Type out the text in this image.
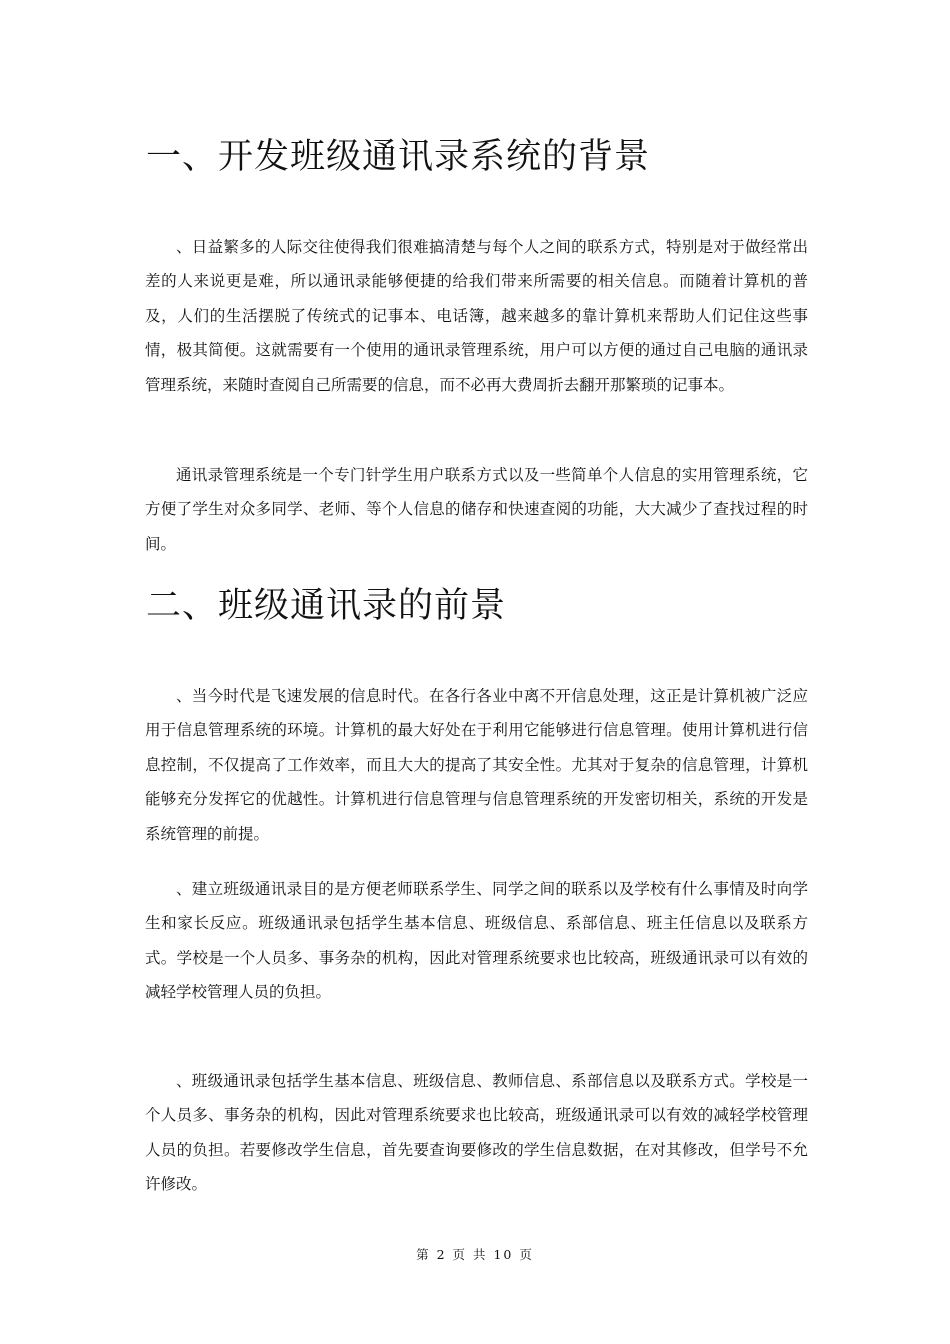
一、开发班级通讯录系统的背景

、日益繁多的人际交往使得我们很难搞清楚与每个人之间的联系方式，特别是对于做经常出差的人来说更是难，所以通讯录能够便捷的给我们带来所需要的相关信息。而随着计算机的普及，人们的生活摆脱了传统式的记事本、电话簿，越来越多的靠计算机来帮助人们记住这些事情，极其简便。这就需要有一个使用的通讯录管理系统，用户可以方便的通过自己电脑的通讯录管理系统，来随时查阅自己所需要的信息，而不必再大费周折去翻开那繁琐的记事本。

通讯录管理系统是一个专门针学生用户联系方式以及一些简单个人信息的实用管理系统，它方便了学生对众多同学、老师、等个人信息的储存和快速查阅的功能，大大减少了查找过程的时间。

二、班级通讯录的前景

、当今时代是飞速发展的信息时代。在各行各业中离不开信息处理，这正是计算机被广泛应用于信息管理系统的环境。计算机的最大好处在于利用它能够进行信息管理。使用计算机进行信息控制，不仅提高了工作效率，而且大大的提高了其安全性。尤其对于复杂的信息管理，计算机能够充分发挥它的优越性。计算机进行信息管理与信息管理系统的开发密切相关，系统的开发是系统管理的前提。

、建立班级通讯录目的是方便老师联系学生、同学之间的联系以及学校有什么事情及时向学生和家长反应。班级通讯录包括学生基本信息、班级信息、系部信息、班主任信息以及联系方式。学校是一个人员多、事务杂的机构，因此对管理系统要求也比较高，班级通讯录可以有效的减轻学校管理人员的负担。

、班级通讯录包括学生基本信息、班级信息、教师信息、系部信息以及联系方式。学校是一个人员多、事务杂的机构，因此对管理系统要求也比较高，班级通讯录可以有效的减轻学校管理人员的负担。若要修改学生信息，首先要查询要修改的学生信息数据，在对其修改，但学号不允许修改。

第 2 页 共 10 页
